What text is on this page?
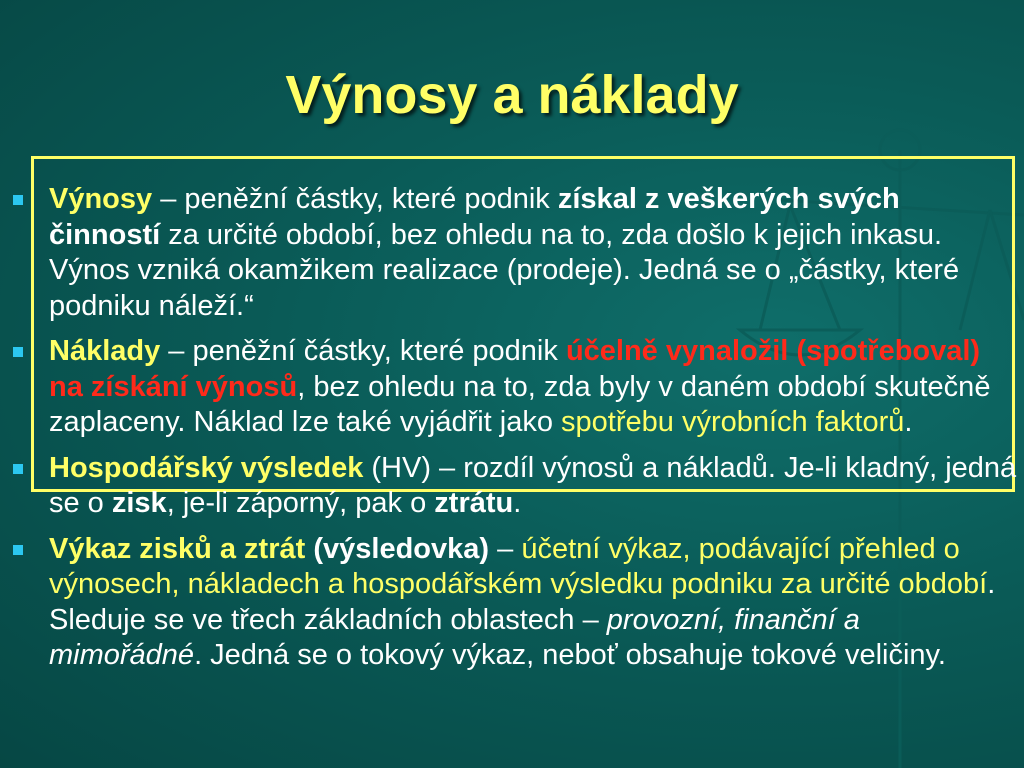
Výnosy a náklady
Výnosy – peněžní částky, které podnik získal z veškerých svých činností za určité období, bez ohledu na to, zda došlo k jejich inkasu. Výnos vzniká okamžikem realizace (prodeje). Jedná se o „částky, které podniku náleží.“
Náklady – peněžní částky, které podnik účelně vynaložil (spotřeboval) na získání výnosů, bez ohledu na to, zda byly v daném období skutečně zaplaceny. Náklad lze také vyjádřit jako spotřebu výrobních faktorů.
Hospodářský výsledek (HV) – rozdíl výnosů a nákladů. Je-li kladný, jedná se o zisk, je-li záporný, pak o ztrátu.
Výkaz zisků a ztrát (výsledovka) – účetní výkaz, podávající přehled o výnosech, nákladech a hospodářském výsledku podniku za určité období. Sleduje se ve třech základních oblastech – provozní, finanční a mimořádné. Jedná se o tokový výkaz, neboť obsahuje tokové veličiny.
